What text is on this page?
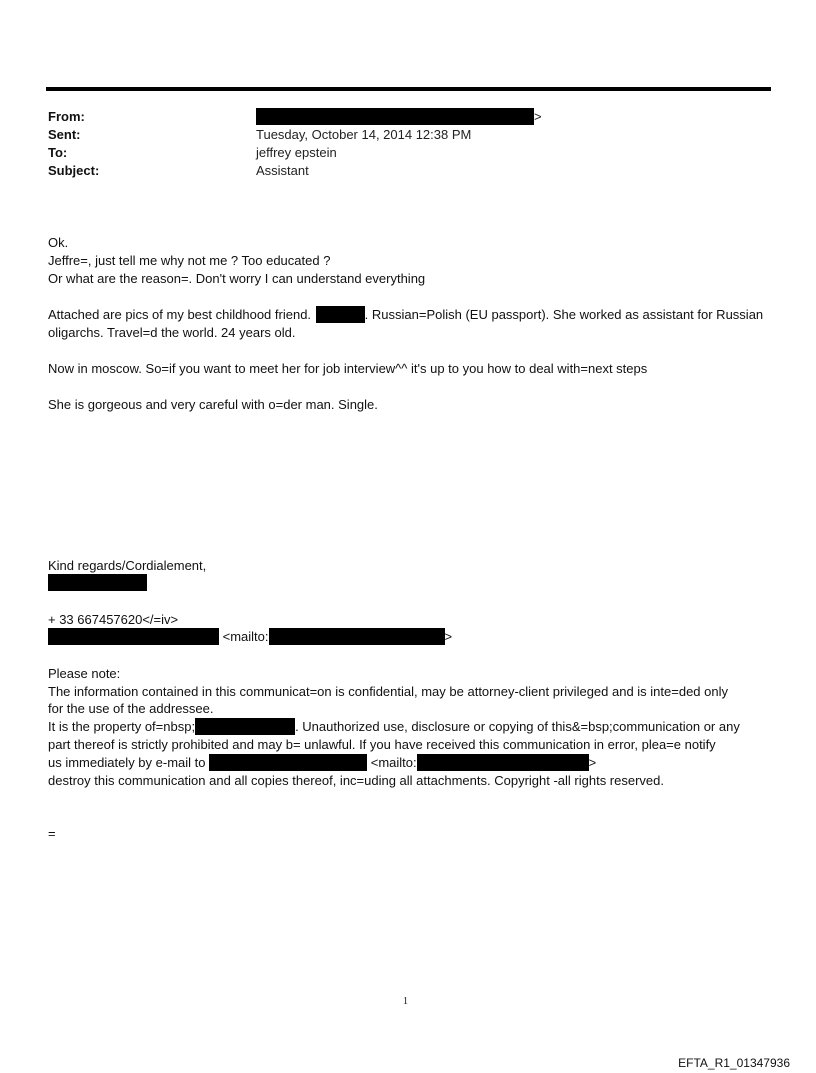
From:	>
Sent:	Tuesday, October 14, 2014 12:38 PM
To:	jeffrey epstein
Subject:	Assistant
Ok.
Jeffre=, just tell me why not me ? Too educated ?
Or what are the reason=. Don't worry I can understand everything
Attached are pics of my best childhood friend.	. Russian=Polish (EU passport). She worked as assistant for Russian
oligarchs. Travel=d the world. 24 years old.
Now in moscow. So=if you want to meet her for job interview^^ it's up to you how to deal with=next steps
She is gorgeous and very careful with o=der man. Single.
Kind regards/Cordialement,
+ 33 667457620</=iv>
<mailto:	>
Please note:
The information contained in this communicat=on is confidential, may be attorney-client privileged and is inte=ded only
for the use of the addressee.
It is the property of=nbsp;	. Unauthorized use, disclosure or copying of this&=bsp;communication or any
part thereof is strictly prohibited and may b= unlawful. If you have received this communication in error, plea=e notify
us immediately by e-mail to	<mailto:	>
destroy this communication and all copies thereof, inc=uding all attachments. Copyright -all rights reserved.
=
1
EFTA_R1_01347936
